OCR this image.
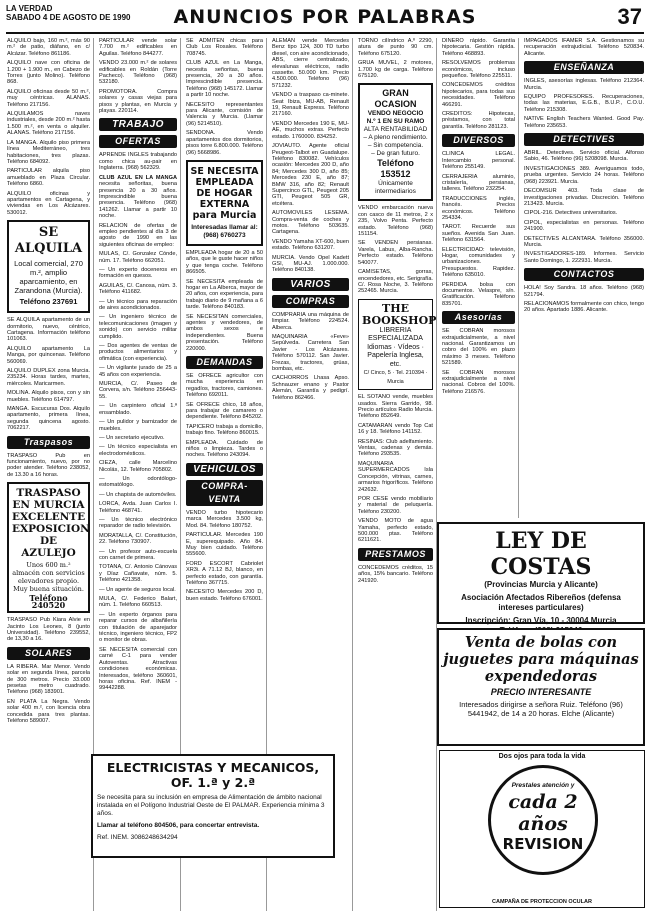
LA VERDAD
SABADO 4 DE AGOSTO DE 1990	ANUNCIOS POR PALABRAS	37

ALQUILO bajo, 160 m.², más 90 m.² de patio, diáfano, en c/ Alcázar. Teléfono 861186.

ALQUILO nave con oficina de 1.200 + 1.900 m., en Cabezo de Torres (junto Molino). Teléfono 868.

ALQUILO oficinas desde 50 m.², muy céntricas. ALANAS. Teléfono 217156.

ALQUILAMOS naves industriales, desde 200 m.² hasta 1.500 m.², en venta o alquiler. ALANAS. Teléfono 217156.

LA MANGA. Alquilo piso primera línea Mediterráneo, tres habitaciones, tres plazas. Teléfono 684092.

PARTICULAR alquila piso amueblado en Plaza Circular. Teléfono 6860.

ALQUILO oficinas y apartamentos en Cartagena, y viviendas en Los Alcázares. 530012.

SE ALQUILA
Local comercial, 270 m.², amplio aparcamiento, en Zarandona (Murcia).
Teléfono 237691

SE ALQUILA apartamento de un dormitorio, nuevo, céntrico, Cartagena. Información teléfono 101063.

ALQUILO apartamento La Manga, por quincenas. Teléfono 560069.

ALQUILO DUPLEX zona Murcia. 235234. Horas tardes, martes, miércoles. Maricarmen.

MOLINA. Alquilo pisos, con y sin muebles. Teléfono 614797.

MANGA. Escucuras Dos. Alquilo apartamento, primera línea, segunda quincena agosto. 7062217.

Traspasos

TRASPASO Pub en funcionamiento, nuevo, por no poder atender. Teléfono 238052, de 13.30 a 16 horas.

TRASPASO EN MURCIA EXCELENTE EXPOSICION DE AZULEJO
Unos 600 m.² almacén con servicios elevadores propio. Muy buena situación.
Teléfono 240520

TRASPASO Pub Kiara Alvie en Jacinto Los Leones, 8 (junto Universidad). Teléfono 239552, de 13,30 a 16.

SOLARES

LA RIBERA. Mar Menor. Vendo solar en segunda línea, parcela de 300 metros. Precio 33.000 pesetas metro cuadrado. Teléfono (968) 183901.

EN PLATA La Negra. Vendo solar 400 m.², con licencia obra concedida para tres plantas. Teléfono 589007.

PARTICULAR vende solar 7.700 m.² edificables en Aguilas. Teléfono 844277.

VENDO 23.000 m.² de solares edificables en Roldán (Torre Pacheco). Teléfono (968) 532180.

PROMOTORA. Compra solares y casas viejas para pisos y plantas, en Murcia y playas. 220114.

TRABAJO
OFERTAS

APRENDE INGLES trabajando como chica au-pair en Inglaterra. (968) 562329.

CLUB AZUL EN LA MANGA necesita señoritas, buena presencia 20 a 30 años. Imprescindible buena presencia. Teléfono (968) 141262. Llamar a partir 10 noche.

RELACION de ofertas de empleo pendientes al día 3 de agosto de 1990 en las siguientes oficinas de empleo:

MULAS, C/. Gonzalez Cónde, núm. 17. Teléfono 662051.

— Un experto doceneros en formación en quesos.

AGUILAS, C/. Canosa, núm. 3. Teléfono 411682.

— Un técnico para reparación de aires acondicionados.

— Un ingeniero técnico de telecomunicaciones (imagen y sonido) con servicio militar cumplido.

— Dos agentes de ventas de productos alimentarios y ofimática (con experiencia).

— Un vigilante jurado de 25 a 45 años con experiencia.

MURCIA, C/. Paseo de Corvera, s/n. Teléfono 256443-55.

— Un carpintero oficial 1.ª ensamblado.

— Un pulidor y barnizador de muebles.

— Un secretario ejecutivo.

— Un técnico especialista en electrodomésticos.

CIEZA, calle Marcelino Nicolás, 12. Teléfono 705802.

— Un odontólogo-estomatólogo.

— Un chapista de automóviles.

LORCA, Avda. Juan Carlos I. Teléfono 468741.

— Un técnico electrónico reparador de radio televisión.

MORATALLA, C/. Constitución, 22. Teléfono 730907.

— Un profesor auto-escuela con carnet de primera.

TOTANA, C/. Antonio Cánovas y Díaz Cañavate, núm. 5. Teléfono 421358.

— Un agente de seguros local.

MULA, C/. Federico Balart, núm. 1. Teléfono 660513.

— Un experto órganos para reparar cursos de albañilería con titulación de aparejador técnico, ingeniero técnico, FP2 o monitor de obras.

SE NECESITA comercial con carné C-1 para vender Autoventas. Atractivas condiciones económicas. Interesados, teléfono 360601, horas oficina. Ref. INEM - 99442288.

SE ADMITEN chicas para Club Los Rosales. Teléfono 708745.

CLUB AZUL en La Manga, necesita señoritas, buena presencia, 20 a 30 años. Imprescindible presencia. Teléfono (968) 145172. Llamar a partir 10 noche.

NECESITO representantes para Alicante, comisión de Valencia y Murcia. (Llamar (96) 5214510).

SENDONA. Vendo apartamentos dos dormitorios, pisos torre 6.800.000. Teléfono (96) 5668986.

SE NECESITA EMPLEADA DE HOGAR EXTERNA para Murcia
Interesadas llamar al: (968) 6760273

EMPLEADA hogar de 20 a 50 años, que le guste hacer niños y que tenga coche. Teléfono 866505.

SE NECESITA empleada de hogar en La Alberca, mayor de 20 años, con experiencia, para trabajo diario de 9 mañana a 6 tarde. Teléfono 840183.

SE NECESITAN comerciales, agentes y vendedores, de ambos sexos e independientes. Buena presentación. Teléfono 220000.

DEMANDAS

SE OFRECE agricultor con mucha experiencia en regadíos, tractores, camiones. Teléfono 692011.

SE OFRECE chico, 18 años, para trabajar de camarero o dependiente. Teléfono 845202.

TAPICERO trabaja a domicilio, trabajo fino. Teléfono 860015.

EMPLEADA. Cuidado de niños o limpieza. Tardes o noches. Teléfono 243094.

VEHICULOS
COMPRA-VENTA

VENDO turbo hipotecario marca Mercedes 3.500 kg, Mod. 84. Teléfono 180752.

PARTICULAR. Mercedes 190 E, superequipado. Año 84. Muy bien cuidado. Teléfono 555600.

FORD ESCORT Cabriolet XR3i. A 71.12 BJ, blanco, en perfecto estado, con garantía. Teléfono 367715.

NECESITO Mercedes 200 D, buen estado. Teléfono 676001.

ALEMAN vende Mercedes Benz tipo 124, 300 TD turbo diesel, con aire acondicionado, ABS, cierre centralizado, elevalunas eléctricos, radio cassette. 50.000 km. Precio 4.500.000. Teléfono (96) 571232.

VENDO a traspaso ca-minete. Seat Ibiza, MU-AB, Renault 19, Renault Express. Teléfono 217160.

VENDO Mercedes 190 E, MU-AE, muchos extras. Perfecto estado. 1760000. 834252.

JOVIAUTO. Agente oficial Peugeot-Talbot en Guadalupe. Teléfono 830082. Vehículos ocasión: Mercedes 200 D, año 84; Mercedes 300 D, año 85; Mercedes 230 E, año 87; BMW 316, año 82; Renault Supercinco GTL, Peugeot 205 GTI, Peugeot 505 GR, etcétera.

AUTOMOVILES LESEMA. Compra-venta de coches y motos. Teléfono 503635. Cartagena.

VENDO Yamaha XT-600, buen estado. Teléfono 631207.

MURCIA. Vendo Opel Kadett GSI, MU-AJ. 1.000.000. Teléfono 840138.

VARIOS
COMPRAS

COMPRARIA una máquina de limpiar. Teléfono 224524. Alberca.

MAQUINARIA «Feve» Sepúlveda. Carretera San Javier - Los Alcázares. Teléfono 570112. San Javier. Frezas, tractores, grúas, bombas, etc.

CACHORROS Lhasa Apso. Schnauzer enano y Pastor Alemán, Garantía y pedigrí. Teléfono 862466.

TORNO cilíndrico A.º 2290, atura de punto 90 cm. Teléfono 675120.

GRUA MUVEL, 2 motores, 1.700 kg de carga. Teléfono 675120.

GRAN OCASION
VENDO NEGOCIO N.º 1 EN SU RAMO
ALTA RENTABILIDAD
– A pleno rendimiento.
– Sin competencia.
– De gran futuro.
Teléfono 153512
Únicamente intermediarios

VENDO embarcación nueva con casco de 11 metros, 2 x 235, Volvo Penta. Perfecto estado. Teléfono (968) 151154.

SE VENDEN persianas. Varela, Labus, Alba-Rancha. Perfecto estado. Teléfono 540077.

CAMISETAS, gorras, encendedores, etc. Serigrafía. C/. Rosa Noche, 3. Teléfono 252465. Murcia.

THE BOOKSHOP
LIBRERIA ESPECIALIZADA Idiomas · Vídeos · Papelería Inglesa, etc.
C/ Cinco, 5 · Tel. 210394 · Murcia

EL SOTANO vende, muebles usados. Sierra Garrido, 98. Precio artículos Radio Murcia. Teléfono 852649.

CATAMARAN vendo Top Cat 16 y 18. Teléfono 141152.

RESINAS: Club adelfamiento. Ventas, cadenas y demás. Teléfono 293535.

MAQUINARIA SUPERMERCADOS Isla Concepción, vitrinas, carnes, armarios frigoríficos. Teléfono 242632.

POR CESE vendo mobiliario y material de peluquería. Teléfono 230200.

VENDO MOTO de agua Yamaha, perfecto estado, 500.000 ptas. Teléfono 6211621.

PRESTAMOS

CONCEDEMOS créditos, 15 años, 15% bancario. Teléfono 241920.

DINERO rápido. Garantía hipotecaria. Gestión rápida. Teléfono 468893.

RESOLVEMOS problemas económicos, incluso pequeños. Teléfono 225511.

CONCEDEMOS créditos hipotecarios, para todas sus necesidades. Teléfono 466291.

CREDITOS: Hipotecas, préstamos, con total garantía. Teléfono 281123.

DIVERSOS

CLINICA LEGAL. Intercambio personal. Teléfono 255149.

CERRAJERIA aluminio, cristalería, persianas, talleres. Teléfono 232254.

TRADUCCIONES inglés, francés. Precios económicos. Teléfono 254334.

TAROT. Recuerde sus sueños. Avenida San Juan. Teléfono 631564.

ELECTRICIDAD: televisión, Hogar, comunidades y urbanizaciones. Presupuestos. Rapidez. Teléfono 635010.

PERDIDA bolsa con documentos. Velaspre, s/n. Gratificación. Teléfono 835701.

Asesorías

SE COBRAN morosos extrajudicialmente, a nivel nacional. Garantizamos un cobro del 100% en plazo máximo 3 meses. Teléfono 521589.

SE COBRAN morosos extrajudicialmente a nivel nacional. Cobros del 100%. Teléfono 216576.

IMPAGADOS IFAMER S.A. Gestionamos su recuperación extrajudicial. Teléfono 520834. Alicante.

ENSEÑANZA

INGLES, asesorías inglesas. Teléfono 212364. Murcia.

EQUIPO PROFESORES. Recuperaciones, todas las materias, E.G.B., B.U.P., C.O.U. Teléfono 215308.

NATIVE English Teachers Wanted. Good Pay. Teléfono 235653.

DETECTIVES

ABRIL. Detectives. Servicio oficial. Alfonso Sabio, 46. Teléfono (96) 5208098. Murcia.

INVESTIGACIONES 389. Averiguamos todo, prueba urgentes. Servicio 24 horas. Teléfono (968) 223921. Murcia.

DECOMSUR 403. Toda clase de investigaciones privadas. Discreción. Teléfono 213423. Murcia.

CIPOL-216. Detectives universitarios.

CIPOL, especialistas en personas. Teléfono 241900.

DETECTIVES ALCANTARA. Teléfono 356000. Murcia.

INVESTIGADORES-189. Informes. Servicio Santo Domingo, 1. 222931. Murcia.

CONTACTOS

HOLA! Soy Sandra. 18 años. Teléfono (968) 521794.

RELACIONAMOS formalmente con chico, tengo 20 años. Apartado 1886. Alicante.

ELECTRICISTAS Y MECANICOS, OF. 1.ª y 2.ª
Se necesita para su inclusión en empresa de Alimentación de ámbito nacional instalada en el Polígono Industrial Oeste de El PALMAR. Experiencia mínima 3 años.
Llamar al teléfono 804506, para concertar entrevista.
Ref. INEM. 3086248634294
LEY DE COSTAS
(Provincias Murcia y Alicante)
Asociación Afectados Ribereños (defensa intereses particulares)
Inscripción: Gran Vía, 10 - 30004 Murcia
Venta de bolas con juguetes para máquinas expendedoras
PRECIO INTERESANTE
Interesados dirigirse a señora Ruiz. Teléfono (96) 5441942, de 14 a 20 horas. Elche (Alicante)
Dos ojos para toda la vida
Prestales atención y
cada 2 años
REVISION
CAMPAÑA DE PROTECCION OCULAR
